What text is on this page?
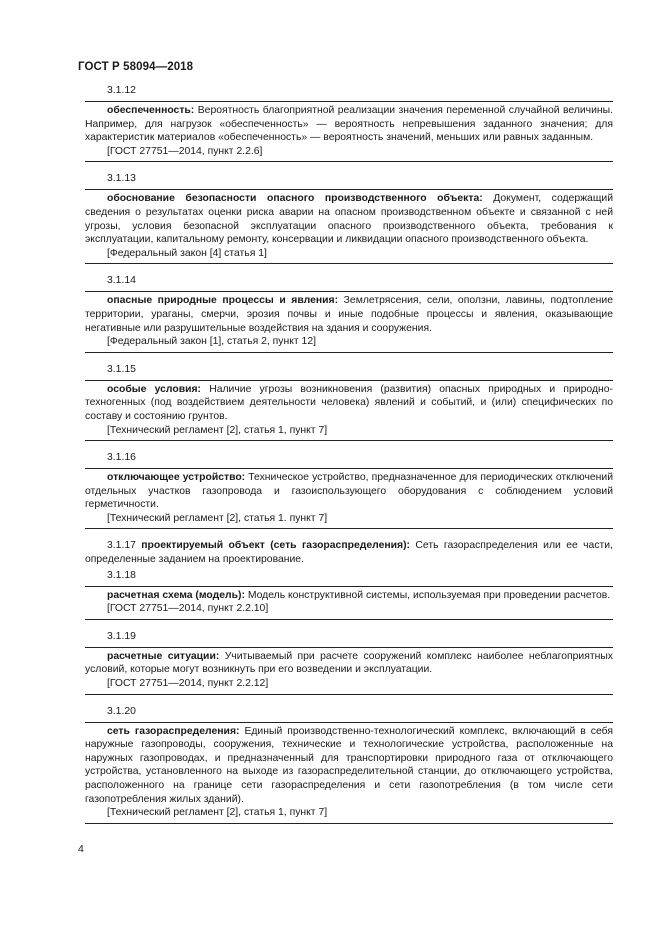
ГОСТ Р 58094—2018
3.1.12

обеспеченность: Вероятность благоприятной реализации значения переменной случайной величины. Например, для нагрузок «обеспеченность» — вероятность непревышения заданного значения; для характеристик материалов «обеспеченность» — вероятность значений, меньших или равных заданным.

[ГОСТ 27751—2014, пункт 2.2.6]
3.1.13

обоснование безопасности опасного производственного объекта: Документ, содержащий сведения о результатах оценки риска аварии на опасном производственном объекте и связанной с ней угрозы, условия безопасной эксплуатации опасного производственного объекта, требования к эксплуатации, капитальному ремонту, консервации и ликвидации опасного производственного объекта.

[Федеральный закон [4] статья 1]
3.1.14

опасные природные процессы и явления: Землетрясения, сели, оползни, лавины, подтопление территории, ураганы, смерчи, эрозия почвы и иные подобные процессы и явления, оказывающие негативные или разрушительные воздействия на здания и сооружения.

[Федеральный закон [1], статья 2, пункт 12]
3.1.15

особые условия: Наличие угрозы возникновения (развития) опасных природных и природно-техногенных (под воздействием деятельности человека) явлений и событий, и (или) специфических по составу и состоянию грунтов.

[Технический регламент [2], статья 1, пункт 7]
3.1.16

отключающее устройство: Техническое устройство, предназначенное для периодических отключений отдельных участков газопровода и газоиспользующего оборудования с соблюдением условий герметичности.

[Технический регламент [2], статья 1. пункт 7]

3.1.17 проектируемый объект (сеть газораспределения): Сеть газораспределения или ее части, определенные заданием на проектирование.

3.1.18

расчетная схема (модель): Модель конструктивной системы, используемая при проведении расчетов.

[ГОСТ 27751—2014, пункт 2.2.10]
3.1.19

расчетные ситуации: Учитываемый при расчете сооружений комплекс наиболее неблагоприятных условий, которые могут возникнуть при его возведении и эксплуатации.

[ГОСТ 27751—2014, пункт 2.2.12]
3.1.20

сеть газораспределения: Единый производственно-технологический комплекс, включающий в себя наружные газопроводы, сооружения, технические и технологические устройства, расположенные на наружных газопроводах, и предназначенный для транспортировки природного газа от отключающего устройства, установленного на выходе из газораспределительной станции, до отключающего устройства, расположенного на границе сети газораспределения и сети газопотребления (в том числе сети газопотребления жилых зданий).

[Технический регламент [2], статья 1, пункт 7]
4
